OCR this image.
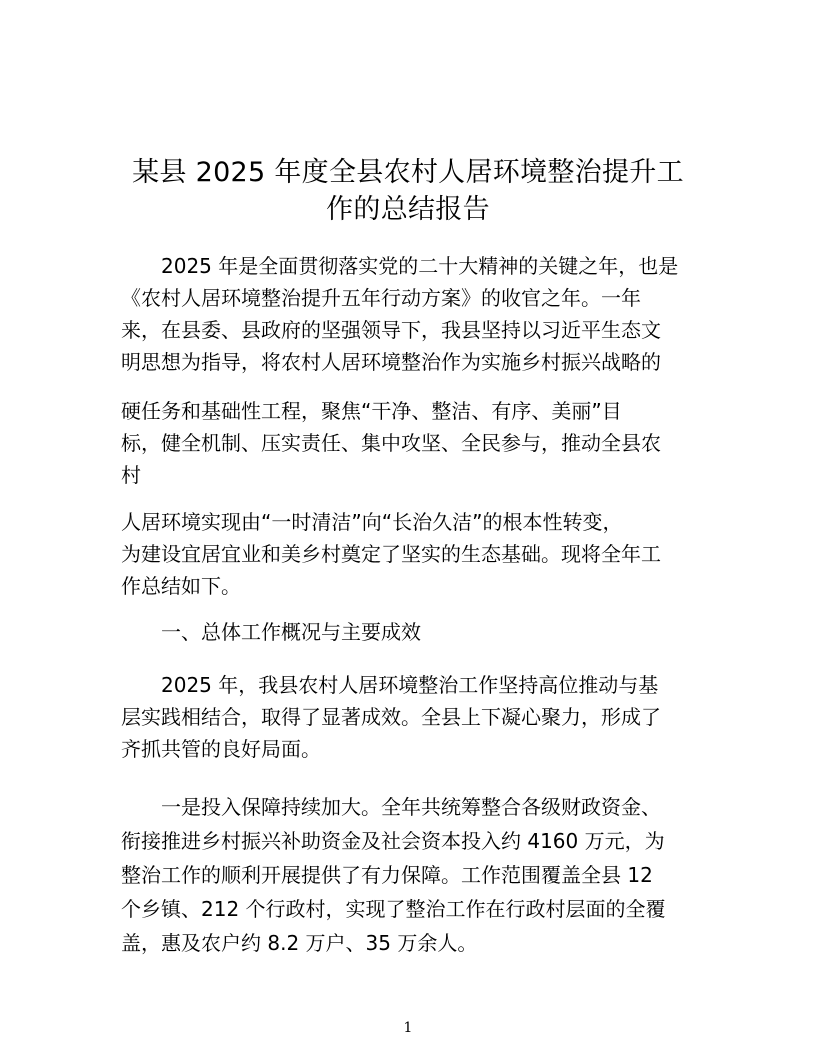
某县 2025 年度全县农村人居环境整治提升工
作的总结报告

2025 年是全面贯彻落实党的二十大精神的关键之年，也是
《农村人居环境整治提升五年行动方案》的收官之年。一年
来，在县委、县政府的坚强领导下，我县坚持以习近平生态文
明思想为指导，将农村人居环境整治作为实施乡村振兴战略的

硬任务和基础性工程，聚焦“干净、整洁、有序、美丽”目
标，健全机制、压实责任、集中攻坚、全民参与，推动全县农
村

人居环境实现由“一时清洁”向“长治久洁”的根本性转变，
为建设宜居宜业和美乡村奠定了坚实的生态基础。现将全年工
作总结如下。

一、总体工作概况与主要成效

2025 年，我县农村人居环境整治工作坚持高位推动与基
层实践相结合，取得了显著成效。全县上下凝心聚力，形成了
齐抓共管的良好局面。

一是投入保障持续加大。全年共统筹整合各级财政资金、
衔接推进乡村振兴补助资金及社会资本投入约 4160 万元，为
整治工作的顺利开展提供了有力保障。工作范围覆盖全县 12
个乡镇、212 个行政村，实现了整治工作在行政村层面的全覆
盖，惠及农户约 8.2 万户、35 万余人。

1
